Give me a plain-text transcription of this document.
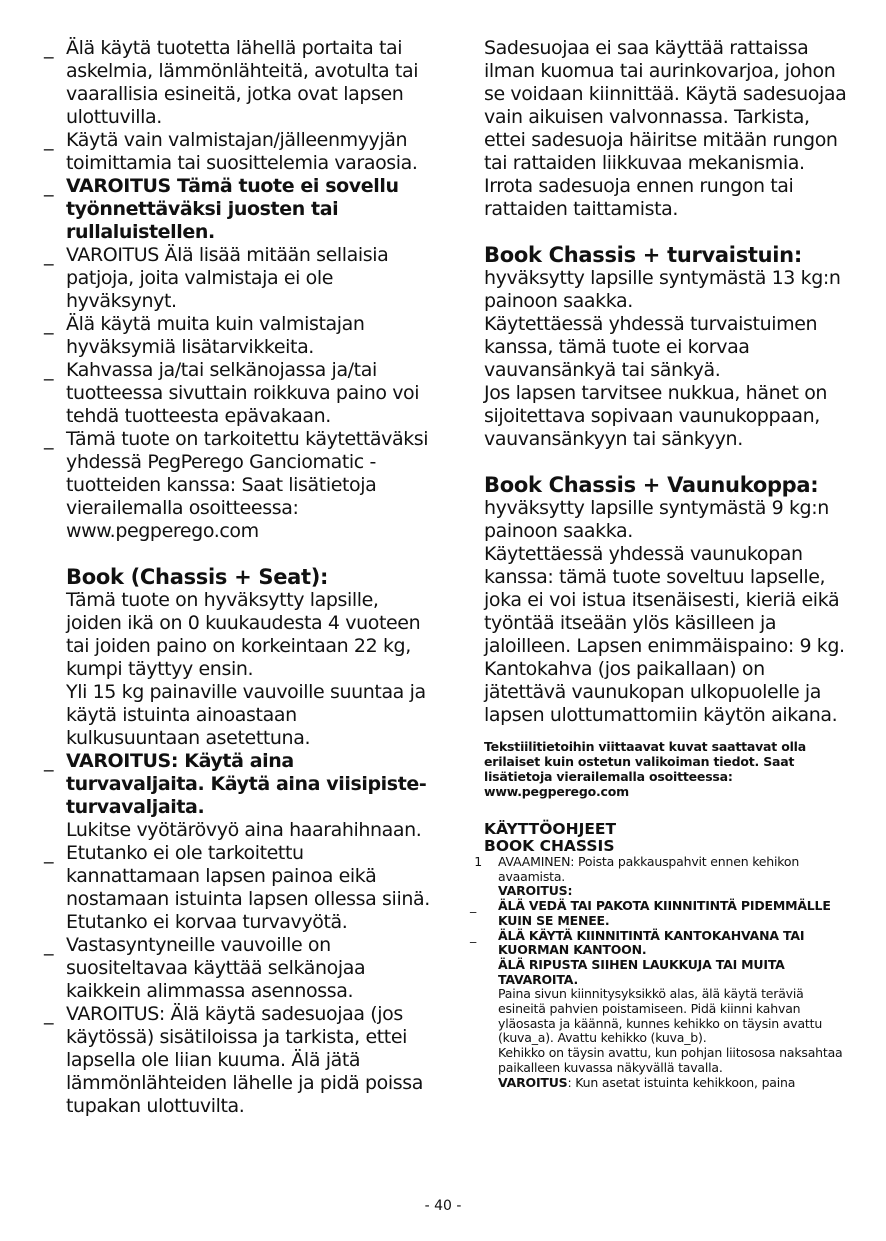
_ Älä käytä tuotetta lähellä portaita tai askelmia, lämmönlähteitä, avotulta tai vaarallisia esineitä, jotka ovat lapsen ulottuvilla.
_ Käytä vain valmistajan/jälleenmyyjän toimittamia tai suosittelemia varaosia.
_ VAROITUS Tämä tuote ei sovellu työnnettäväksi juosten tai rullaluistellen.
_ VAROITUS Älä lisää mitään sellaisia patjoja, joita valmistaja ei ole hyväksynyt.
_ Älä käytä muita kuin valmistajan hyväksymiä lisätarvikkeita.
_ Kahvassa ja/tai selkänojassa ja/tai tuotteessa sivuttain roikkuva paino voi tehdä tuotteesta epävakaan.
_ Tämä tuote on tarkoitettu käytettäväksi yhdessä PegPerego Ganciomatic -tuotteiden kanssa: Saat lisätietoja vierailemalla osoitteessa: www.pegperego.com
Book (Chassis + Seat):
Tämä tuote on hyväksytty lapsille, joiden ikä on 0 kuukaudesta 4 vuoteen tai joiden paino on korkeintaan 22 kg, kumpi täyttyy ensin.
Yli 15 kg painaville vauvoille suuntaa ja käytä istuinta ainoastaan kulkusuuntaan asetettuna.
_ VAROITUS: Käytä aina turvavaljaita. Käytä aina viisipiste-turvavaljaita.
Lukitse vyötärövyö aina haarahihnaan.
_ Etutanko ei ole tarkoitettu kannattamaan lapsen painoa eikä nostamaan istuinta lapsen ollessa siinä. Etutanko ei korvaa turvavyötä.
_ Vastasyntyneille vauvoille on suositeltavaa käyttää selkänojaa kaikkein alimmassa asennossa.
_ VAROITUS: Älä käytä sadesuojaa (jos käytössä) sisätiloissa ja tarkista, ettei lapsella ole liian kuuma. Älä jätä lämmönlähteiden lähelle ja pidä poissa tupakan ulottuvilta.
Sadesuojaa ei saa käyttää rattaissa ilman kuomua tai aurinkovarjoa, johon se voidaan kiinnittää. Käytä sadesuojaa vain aikuisen valvonnassa. Tarkista, ettei sadesuoja häiritse mitään rungon tai rattaiden liikkuvaa mekanismia. Irrota sadesuoja ennen rungon tai rattaiden taittamista.
Book Chassis + turvaistuin:
hyväksytty lapsille syntymästä 13 kg:n painoon saakka.
Käytettäessä yhdessä turvaistuimen kanssa, tämä tuote ei korvaa vauvansänkyä tai sänkyä.
Jos lapsen tarvitsee nukkua, hänet on sijoitettava sopivaan vaunukoppaan, vauvansänkyyn tai sänkyyn.
Book Chassis + Vaunukoppa:
hyväksytty lapsille syntymästä 9 kg:n painoon saakka.
Käytettäessä yhdessä vaunukopan kanssa: tämä tuote soveltuu lapselle, joka ei voi istua itsenäisesti, kieriä eikä työntää itseään ylös käsilleen ja jaloilleen. Lapsen enimmäispaino: 9 kg.
Kantokahva (jos paikallaan) on jätettävä vaunukopan ulkopuolelle ja lapsen ulottumattomiin käytön aikana.
Tekstiilitietoihin viittaavat kuvat saattavat olla erilaiset kuin ostetun valikoiman tiedot. Saat lisätietoja vierailemalla osoitteessa: www.pegperego.com
KÄYTTÖOHJEET
BOOK CHASSIS
1 AVAAMINEN: Poista pakkauspahvit ennen kehikon avaamista.
VAROITUS:
_ ÄLÄ VEDÄ TAI PAKOTA KIINNITINTÄ PIDEMMÄLLE KUIN SE MENEE.
_ ÄLÄ KÄYTÄ KIINNITINTÄ KANTOKAHVANA TAI KUORMAN KANTOON.
ÄLÄ RIPUSTA SIIHEN LAUKKUJA TAI MUITA TAVAROITA.
Paina sivun kiinnitysyksikkö alas, älä käytä teräviä esineitä pahvien poistamiseen. Pidä kiinni kahvan yläosasta ja käännä, kunnes kehikko on täysin avattu (kuva_a). Avattu kehikko (kuva_b).
Kehikko on täysin avattu, kun pohjan liitososa naksahtaa paikalleen kuvassa näkyvällä tavalla.
VAROITUS: Kun asetat istuinta kehikkoon, paina
- 40 -
